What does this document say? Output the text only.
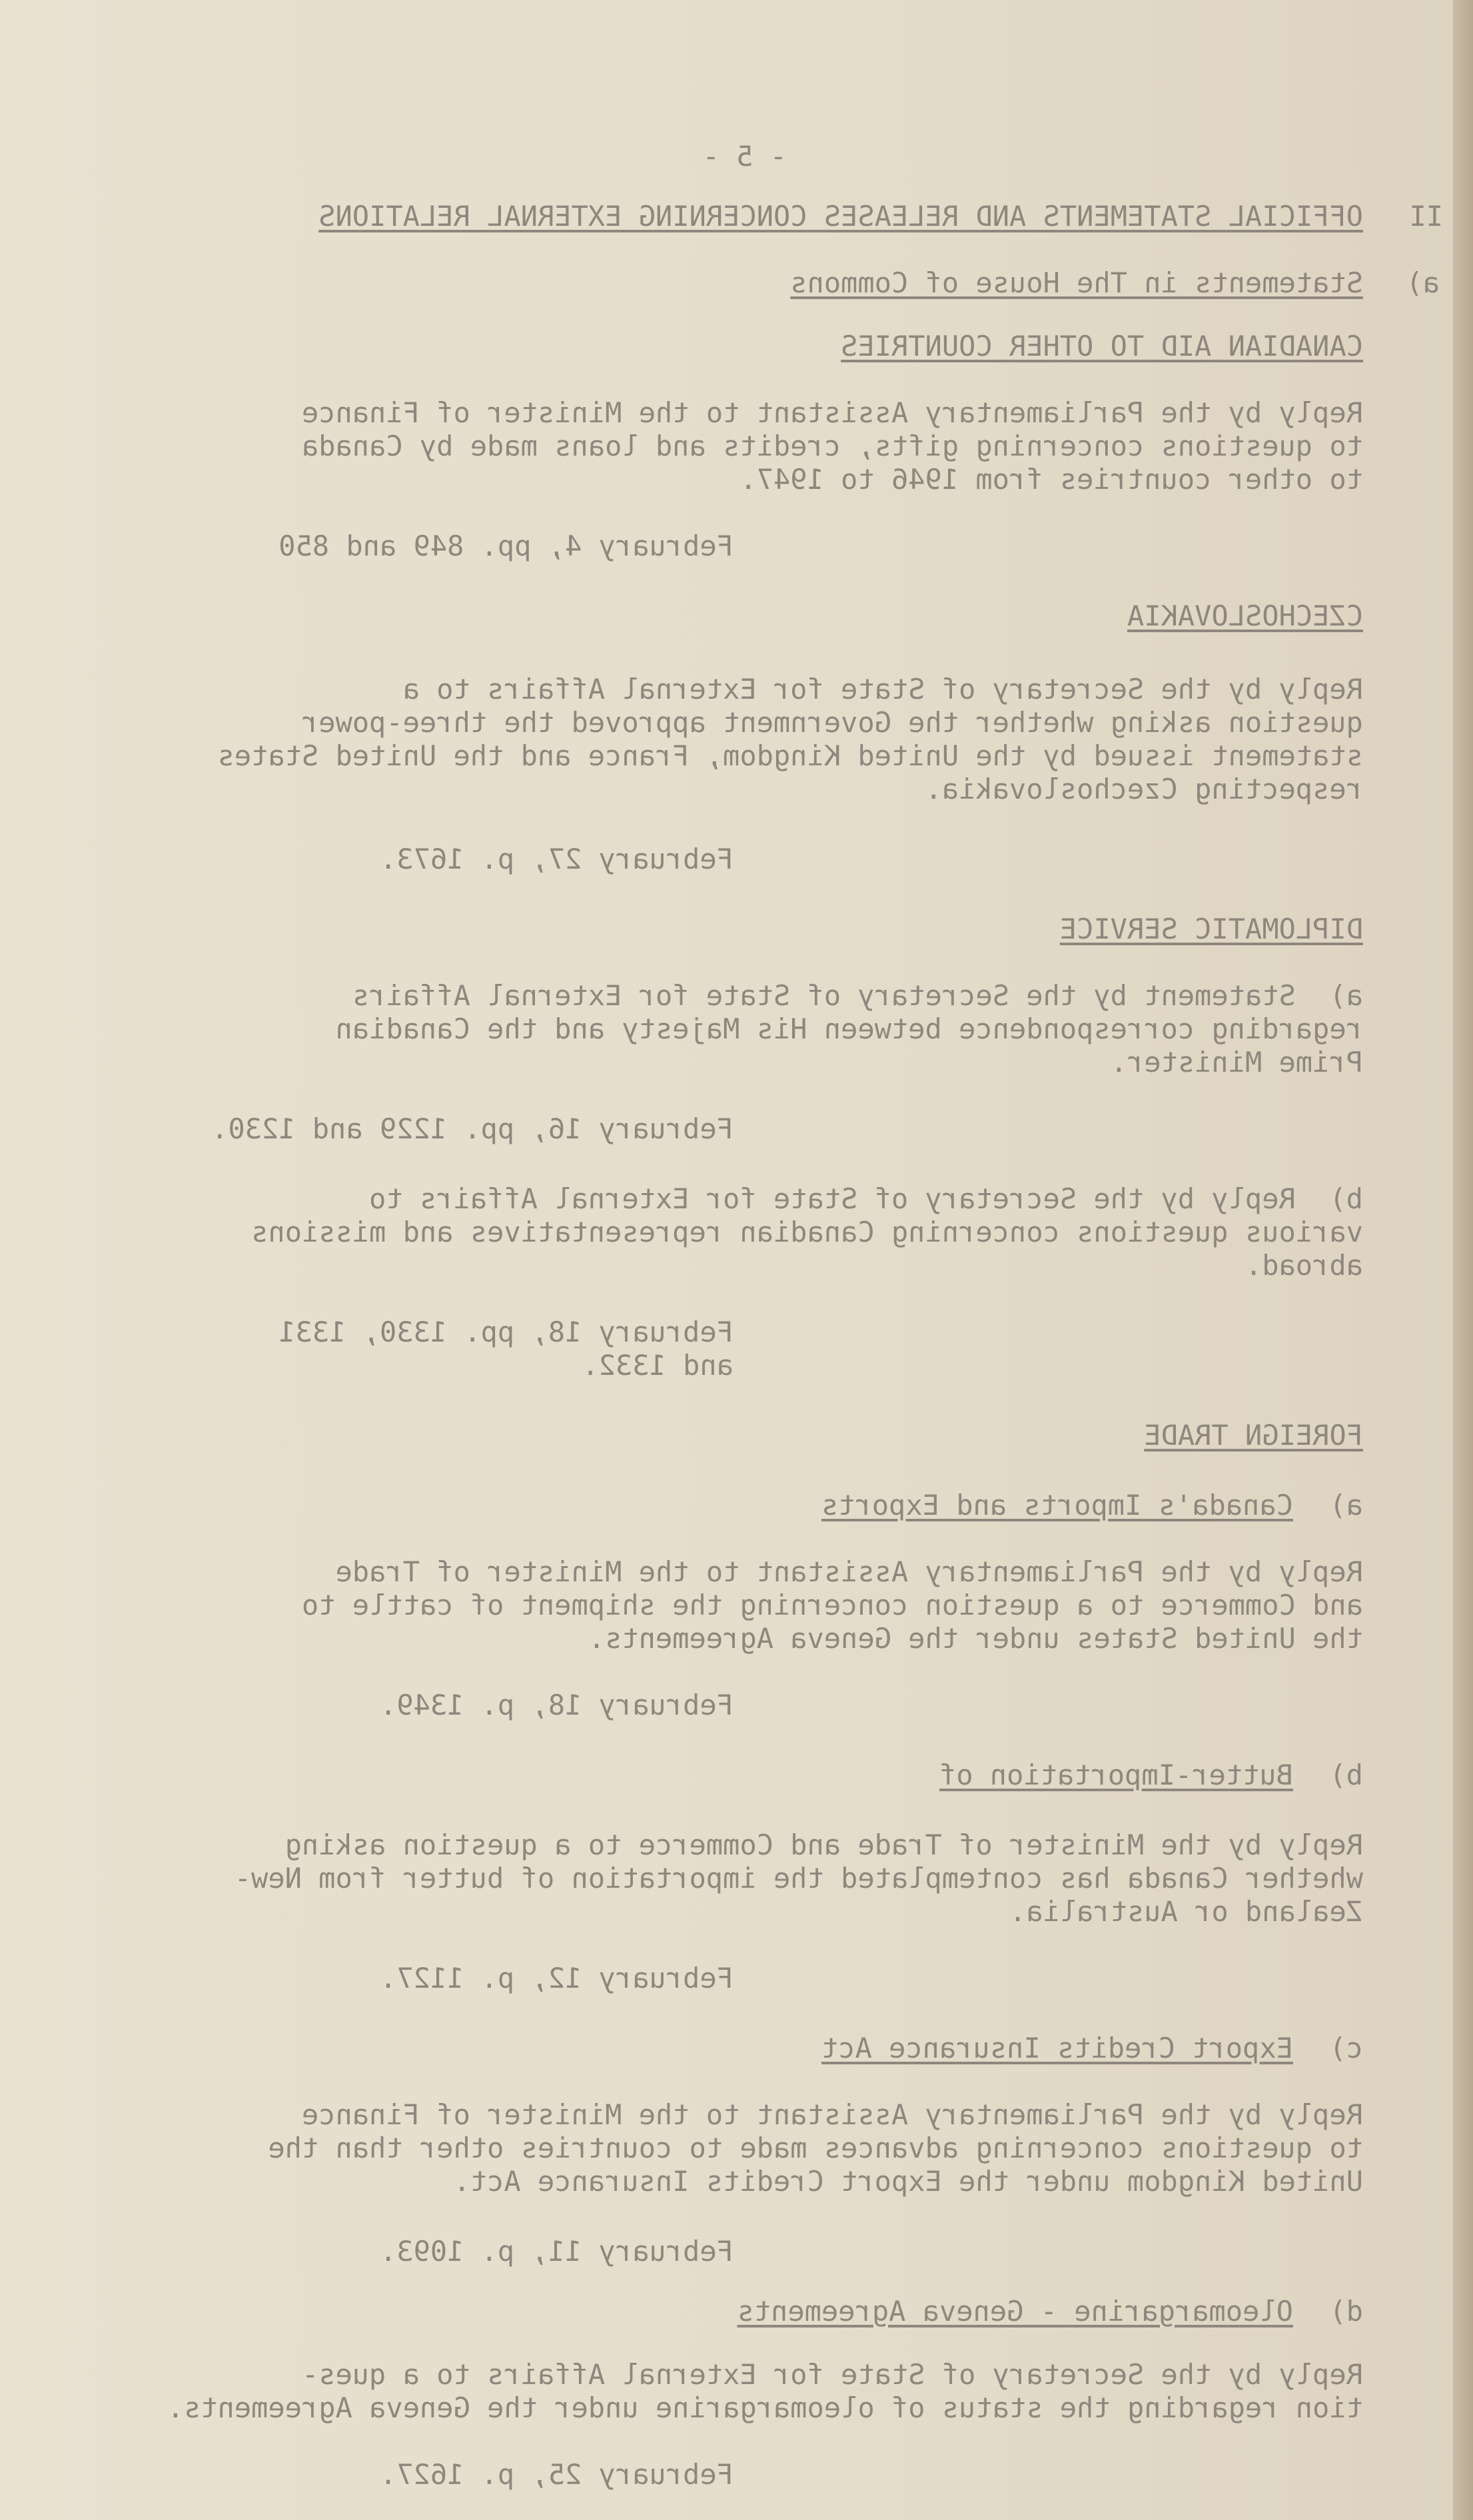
- 5 -
II
OFFICIAL STATEMENTS AND RELEASES CONCERNING EXTERNAL RELATIONS
a)
Statements in The House of Commons
CANADIAN AID TO OTHER COUNTRIES
Reply by the Parliamentary Assistant to the Minister of Finance
to questions concerning gifts, credits and loans made by Canada
to other countries from 1946 to 1947.
February 4, pp. 849 and 850
CZECHOSLOVAKIA
Reply by the Secretary of State for External Affairs to a
question asking whether the Government approved the three-power
statement issued by the United Kingdom, France and the United States
respecting Czechoslovakia.
February 27, p. 1673.
DIPLOMATIC SERVICE
a)  Statement by the Secretary of State for External Affairs
regarding correspondence between His Majesty and the Canadian
Prime Minister.
February 16, pp. 1229 and 1230.
b)  Reply by the Secretary of State for External Affairs to
various questions concerning Canadian representatives and missions
abroad.
February 18, pp. 1330, 1331
and 1332.
FOREIGN TRADE
a)
Canada's Imports and Exports
Reply by the Parliamentary Assistant to the Minister of Trade
and Commerce to a question concerning the shipment of cattle to
the United States under the Geneva Agreements.
February 18, p. 1349.
b)
Butter-Importation of
Reply by the Minister of Trade and Commerce to a question asking
whether Canada has contemplated the importation of butter from New-
Zealand or Australia.
February 12, p. 1127.
c)
Export Credits Insurance Act
Reply by the Parliamentary Assistant to the Minister of Finance
to questions concerning advances made to countries other than the
United Kingdom under the Export Credits Insurance Act.
February 11, p. 1093.
d)
Oleomargarine - Geneva Agreements
Reply by the Secretary of State for External Affairs to a ques-
tion regarding the status of oleomargarine under the Geneva Agreements.
February 25, p. 1627.
